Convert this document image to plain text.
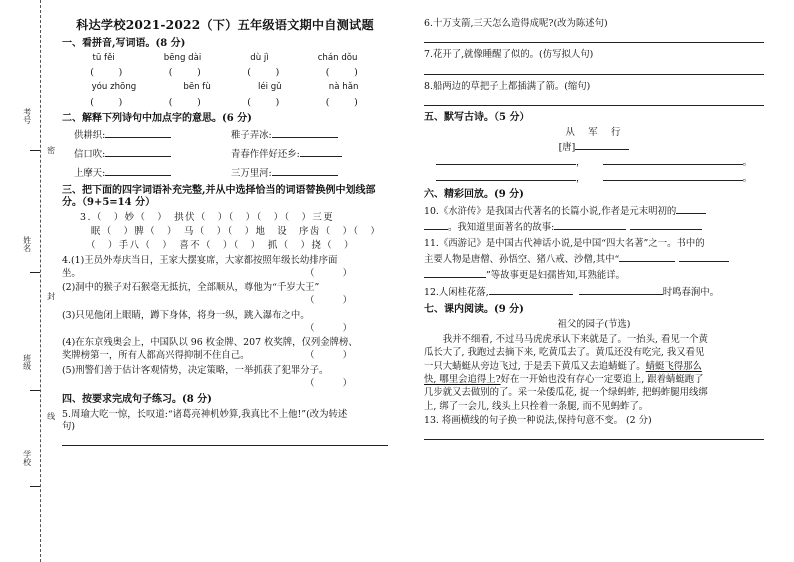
考号
姓名
班级
学校
密
封
线
科达学校2021-2022（下）五年级语文期中自测试题
一、看拼音,写词语。(8 分)
tū fěi	bēng dài	dù jì	chán dǒu
(　　)	(　　)	(　　)	(　　)
yóu zhōng	bēn fù	léi gǔ	nà hǎn
(　　)	(　　)	(　　)	(　　)
二、解释下列诗句中加点字的意思。(6 分)
供耕织:	稚子弄冰:
信口吹:	青春作伴好还乡:
上摩天:	三万里河:
三、把下面的四字词语补充完整,并从中选择恰当的词语替换例中划线部分。（9+5=14 分）
3.（　）妙（　）　拱伏（　）（　）（　）（　）三更
　眠（　）脾（　）　马（　）（　）地　设　序齿（　）（　）
　（　）手八（　）　喜不（　）（　）　抓（　）挠（　）
4.(1)王员外寿庆当日，王家大摆宴席，大家都按照年级长幼排序面
坐。	（　　　）
(2)洞中的猴子对石猴毫无抵抗，全部顺从，尊他为“千岁大王”
（　　　）
(3)只见他闭上眼睛，蹲下身体，将身一纵，跳入瀑布之中。
（　　　）
(4)在东京残奥会上，中国队以 96 枚金牌、207 枚奖牌，仅列金牌榜、
奖牌榜第一，所有人都高兴得抑制不住自己。	（　　　）
(5)刑警们善于估计客观情势，决定策略，一举抓获了犯罪分子。
（　　　）
四、按要求完成句子练习。(8 分)
5.周瑜大吃一惊，长叹道:“诸葛亮神机妙算,我真比不上他!”(改为转述
句)
6.十万支箭,三天怎么造得成呢?(改为陈述句)
7.花开了,就像睡醒了似的。(仿写拟人句)
8.船两边的草把子上都插满了箭。(缩句)
五、默写古诗。（5 分）
从　军　行
[唐]
，	。
，	。
六、精彩回放。(9 分)
10.《水浒传》是我国古代著名的长篇小说,作者是元末明初的
。我知道里面著名的故事:
11.《西游记》是中国古代神话小说,是中国“四大名著”之一。书中的
主要人物是唐僧、孙悟空、猪八戒、沙僧,其中“
”等故事更是妇孺皆知,耳熟能详。
12.人闲桂花落,	时鸣春涧中。
七、课内阅读。(9 分)
祖父的园子(节选)
我并不细看, 不过马马虎虎承认下来就是了。一抬头, 看见一个黄
瓜长大了, 我跑过去摘下来, 吃黄瓜去了。黄瓜还没有吃完, 我又看见
一只大蜻蜓从旁边飞过, 于是丢下黄瓜又去追蜻蜓了。蜻蜓飞得那么
快, 哪里会追得上?好在一开始也没有存心一定要追上, 跟着蜻蜓跑了
几步就又去做别的了。采一朵倭瓜花, 捉一个绿蚂蚱, 把蚂蚱腿用线绑
上, 绑了一会儿, 线头上只拴着一条腿, 而不见蚂蚱了。
13. 将画横线的句子换一种说法,保持句意不变。 (2 分)
